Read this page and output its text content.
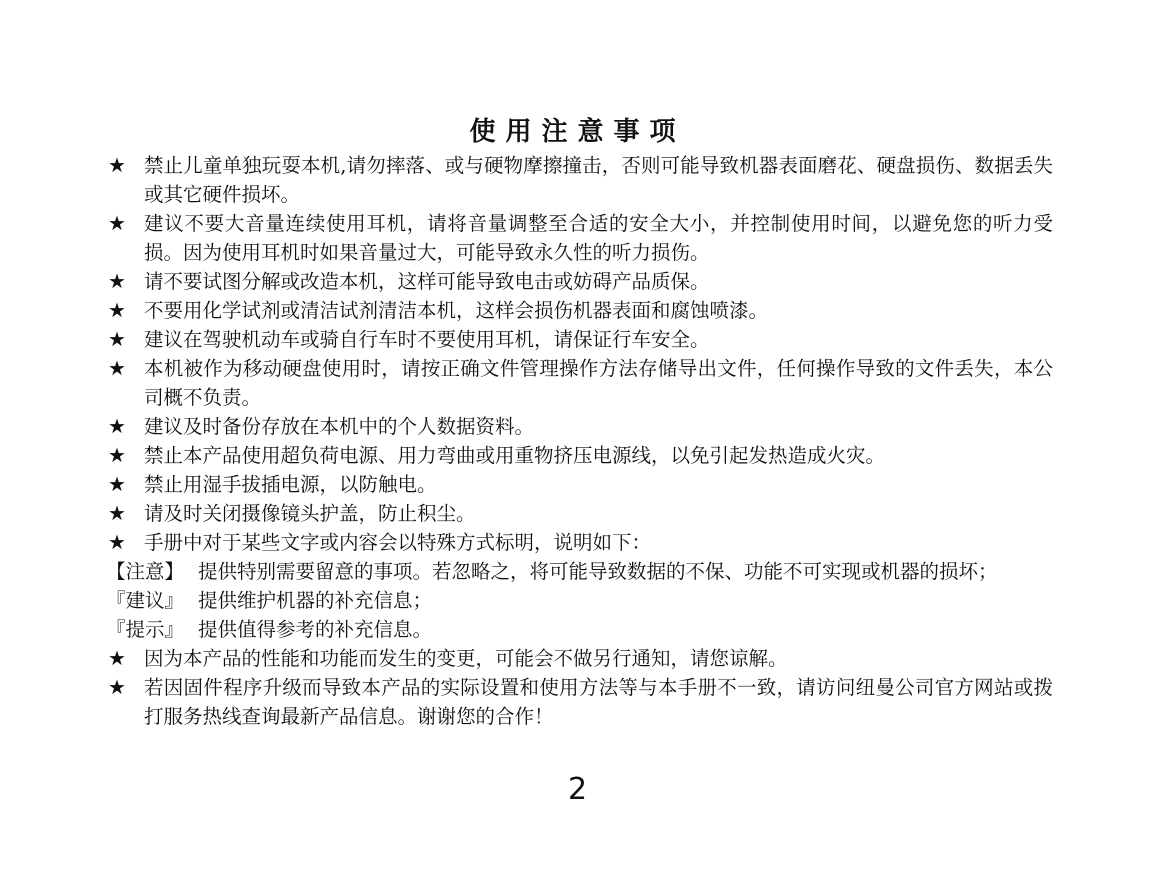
使用注意事项
★ 禁止儿童单独玩耍本机,请勿摔落、或与硬物摩擦撞击，否则可能导致机器表面磨花、硬盘损伤、数据丢失或其它硬件损坏。
★ 建议不要大音量连续使用耳机，请将音量调整至合适的安全大小，并控制使用时间，以避免您的听力受损。因为使用耳机时如果音量过大，可能导致永久性的听力损伤。
★ 请不要试图分解或改造本机，这样可能导致电击或妨碍产品质保。
★ 不要用化学试剂或清洁试剂清洁本机，这样会损伤机器表面和腐蚀喷漆。
★ 建议在驾驶机动车或骑自行车时不要使用耳机，请保证行车安全。
★ 本机被作为移动硬盘使用时，请按正确文件管理操作方法存储导出文件，任何操作导致的文件丢失，本公司概不负责。
★ 建议及时备份存放在本机中的个人数据资料。
★ 禁止本产品使用超负荷电源、用力弯曲或用重物挤压电源线，以免引起发热造成火灾。
★ 禁止用湿手拔插电源，以防触电。
★ 请及时关闭摄像镜头护盖，防止积尘。
★ 手册中对于某些文字或内容会以特殊方式标明，说明如下：
【注意】 提供特别需要留意的事项。若忽略之，将可能导致数据的不保、功能不可实现或机器的损坏；
『建议』 提供维护机器的补充信息；
『提示』 提供值得参考的补充信息。
★ 因为本产品的性能和功能而发生的变更，可能会不做另行通知，请您谅解。
★ 若因固件程序升级而导致本产品的实际设置和使用方法等与本手册不一致，请访问纽曼公司官方网站或拨打服务热线查询最新产品信息。谢谢您的合作！
2
